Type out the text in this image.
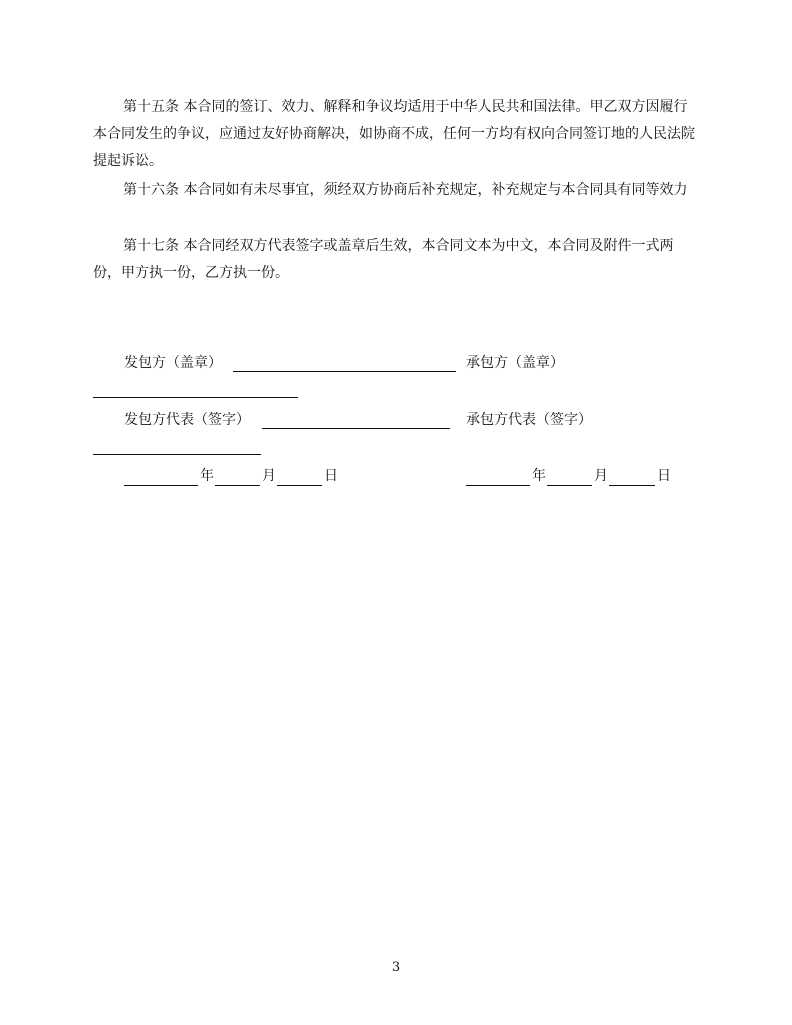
第十五条 本合同的签订、效力、解释和争议均适用于中华人民共和国法律。甲乙双方因履行本合同发生的争议，应通过友好协商解决，如协商不成，任何一方均有权向合同签订地的人民法院提起诉讼。

第十六条 本合同如有未尽事宜，须经双方协商后补充规定，补充规定与本合同具有同等效力

第十七条 本合同经双方代表签字或盖章后生效，本合同文本为中文，本合同及附件一式两份，甲方执一份，乙方执一份。

发包方（盖章）	承包方（盖章）
发包方代表（签字）	承包方代表（签字）
年	月	日	年	月	日
3
